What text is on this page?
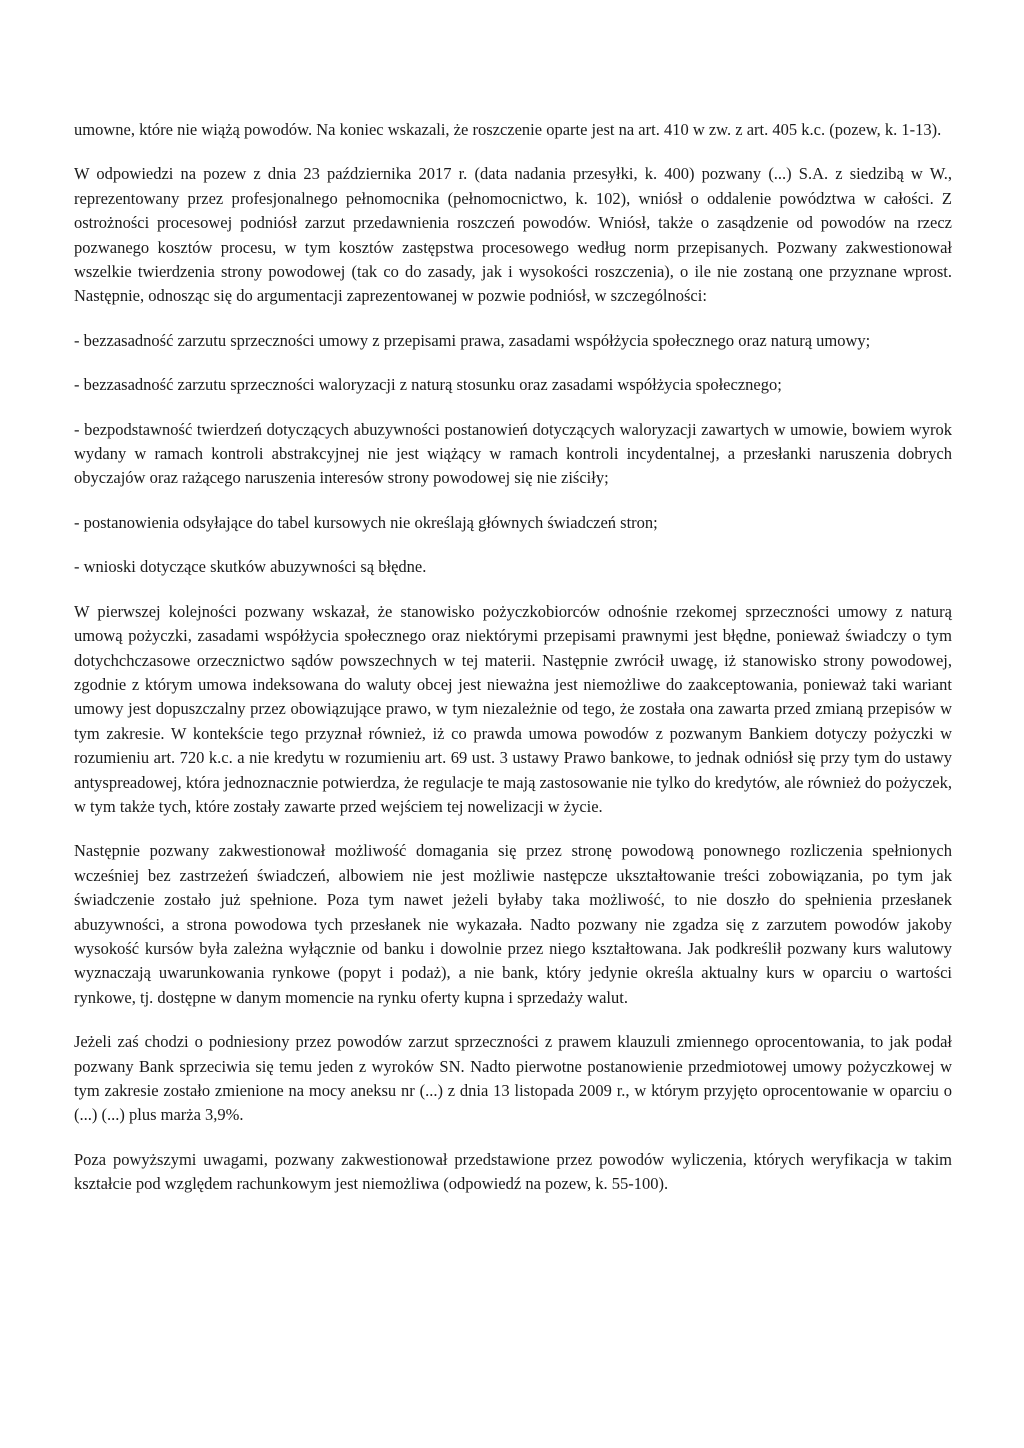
umowne, które nie wiążą powodów. Na koniec wskazali, że roszczenie oparte jest na art. 410 w zw. z art. 405 k.c. (pozew, k. 1-13).

W odpowiedzi na pozew z dnia 23 października 2017 r. (data nadania przesyłki, k. 400) pozwany (...) S.A. z siedzibą w W., reprezentowany przez profesjonalnego pełnomocnika (pełnomocnictwo, k. 102), wniósł o oddalenie powództwa w całości. Z ostrożności procesowej podniósł zarzut przedawnienia roszczeń powodów. Wniósł, także o zasądzenie od powodów na rzecz pozwanego kosztów procesu, w tym kosztów zastępstwa procesowego według norm przepisanych. Pozwany zakwestionował wszelkie twierdzenia strony powodowej (tak co do zasady, jak i wysokości roszczenia), o ile nie zostaną one przyznane wprost. Następnie, odnosząc się do argumentacji zaprezentowanej w pozwie podniósł, w szczególności:

- bezzasadność zarzutu sprzeczności umowy z przepisami prawa, zasadami współżycia społecznego oraz naturą umowy;

- bezzasadność zarzutu sprzeczności waloryzacji z naturą stosunku oraz zasadami współżycia społecznego;

- bezpodstawność twierdzeń dotyczących abuzywności postanowień dotyczących waloryzacji zawartych w umowie, bowiem wyrok wydany w ramach kontroli abstrakcyjnej nie jest wiążący w ramach kontroli incydentalnej, a przesłanki naruszenia dobrych obyczajów oraz rażącego naruszenia interesów strony powodowej się nie ziściły;

- postanowienia odsyłające do tabel kursowych nie określają głównych świadczeń stron;

- wnioski dotyczące skutków abuzywności są błędne.

W pierwszej kolejności pozwany wskazał, że stanowisko pożyczkobiorców odnośnie rzekomej sprzeczności umowy z naturą umową pożyczki, zasadami współżycia społecznego oraz niektórymi przepisami prawnymi jest błędne, ponieważ świadczy o tym dotychchczasowe orzecznictwo sądów powszechnych w tej materii. Następnie zwrócił uwagę, iż stanowisko strony powodowej, zgodnie z którym umowa indeksowana do waluty obcej jest nieważna jest niemożliwe do zaakceptowania, ponieważ taki wariant umowy jest dopuszczalny przez obowiązujące prawo, w tym niezależnie od tego, że została ona zawarta przed zmianą przepisów w tym zakresie. W kontekście tego przyznał również, iż co prawda umowa powodów z pozwanym Bankiem dotyczy pożyczki w rozumieniu art. 720 k.c. a nie kredytu w rozumieniu art. 69 ust. 3 ustawy Prawo bankowe, to jednak odniósł się przy tym do ustawy antyspreadowej, która jednoznacznie potwierdza, że regulacje te mają zastosowanie nie tylko do kredytów, ale również do pożyczek, w tym także tych, które zostały zawarte przed wejściem tej nowelizacji w życie.

Następnie pozwany zakwestionował możliwość domagania się przez stronę powodową ponownego rozliczenia spełnionych wcześniej bez zastrzeżeń świadczeń, albowiem nie jest możliwie następcze ukształtowanie treści zobowiązania, po tym jak świadczenie zostało już spełnione. Poza tym nawet jeżeli byłaby taka możliwość, to nie doszło do spełnienia przesłanek abuzywności, a strona powodowa tych przesłanek nie wykazała. Nadto pozwany nie zgadza się z zarzutem powodów jakoby wysokość kursów była zależna wyłącznie od banku i dowolnie przez niego kształtowana. Jak podkreślił pozwany kurs walutowy wyznaczają uwarunkowania rynkowe (popyt i podaż), a nie bank, który jedynie określa aktualny kurs w oparciu o wartości rynkowe, tj. dostępne w danym momencie na rynku oferty kupna i sprzedaży walut.

Jeżeli zaś chodzi o podniesiony przez powodów zarzut sprzeczności z prawem klauzuli zmiennego oprocentowania, to jak podał pozwany Bank sprzeciwia się temu jeden z wyroków SN. Nadto pierwotne postanowienie przedmiotowej umowy pożyczkowej w tym zakresie zostało zmienione na mocy aneksu nr (...) z dnia 13 listopada 2009 r., w którym przyjęto oprocentowanie w oparciu o (...) (...) plus marża 3,9%.

Poza powyższymi uwagami, pozwany zakwestionował przedstawione przez powodów wyliczenia, których weryfikacja w takim kształcie pod względem rachunkowym jest niemożliwa (odpowiedź na pozew, k. 55-100).
